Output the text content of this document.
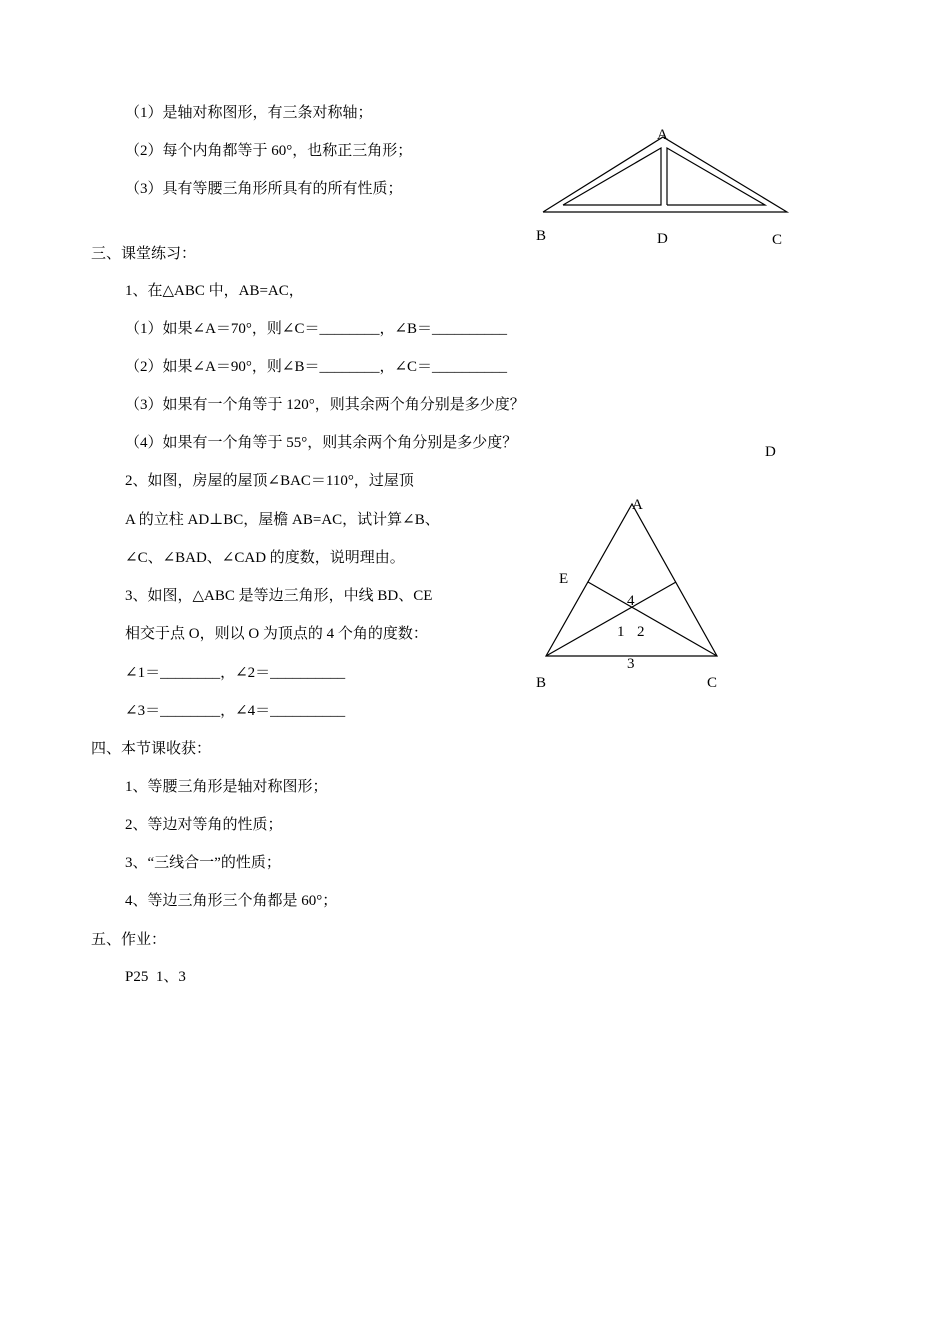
（1）是轴对称图形，有三条对称轴；
（2）每个内角都等于 60°，也称正三角形；
（3）具有等腰三角形所具有的所有性质；
A
B	D	C
三、课堂练习：
1、在△ABC 中，AB=AC，
（1）如果∠A＝70°，则∠C＝________，∠B＝__________
（2）如果∠A＝90°，则∠B＝________，∠C＝__________
（3）如果有一个角等于 120°，则其余两个角分别是多少度？
（4）如果有一个角等于 55°，则其余两个角分别是多少度？
2、如图，房屋的屋顶∠BAC＝110°，过屋顶
A 的立柱 AD⊥BC，屋檐 AB=AC，试计算∠B、
∠C、∠BAD、∠CAD 的度数，说明理由。
3、如图，△ABC 是等边三角形，中线 BD、CE
相交于点 O，则以 O 为顶点的 4 个角的度数：
∠1＝________，∠2＝__________
∠3＝________，∠4＝__________
D
A
E
4
1 2
3
B	C
四、本节课收获：
1、等腰三角形是轴对称图形；
2、等边对等角的性质；
3、“三线合一”的性质；
4、等边三角形三个角都是 60°；
五、作业：
P25  1、3
